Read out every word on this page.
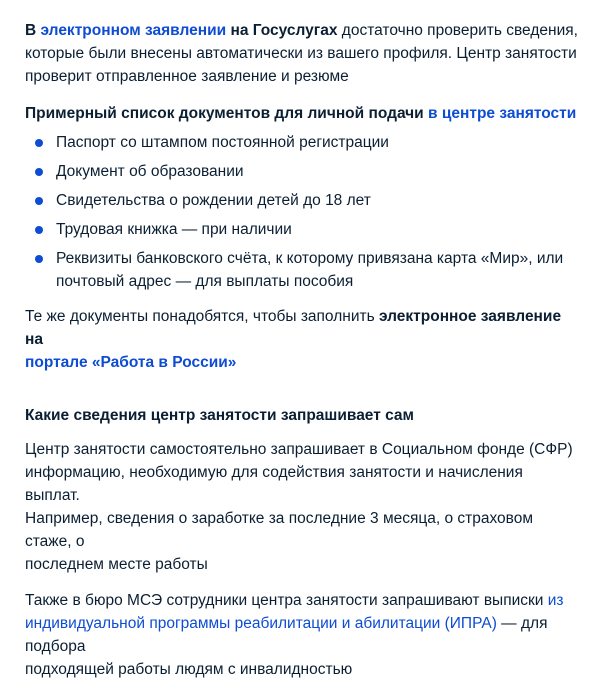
В электронном заявлении на Госуслугах достаточно проверить сведения,
которые были внесены автоматически из вашего профиля. Центр занятости
проверит отправленное заявление и резюме

Примерный список документов для личной подачи в центре занятости

Паспорт со штампом постоянной регистрации
Документ об образовании
Свидетельства о рождении детей до 18 лет
Трудовая книжка — при наличии
Реквизиты банковского счёта, к которому привязана карта «Мир», или
почтовый адрес — для выплаты пособия

Те же документы понадобятся, чтобы заполнить электронное заявление на
портале «Работа в России»

Какие сведения центр занятости запрашивает сам

Центр занятости самостоятельно запрашивает в Социальном фонде (СФР)
информацию, необходимую для содействия занятости и начисления выплат.
Например, сведения о заработке за последние 3 месяца, о страховом стаже, о
последнем месте работы

Также в бюро МСЭ сотрудники центра занятости запрашивают выписки из
индивидуальной программы реабилитации и абилитации (ИПРА) — для подбора
подходящей работы людям с инвалидностью
